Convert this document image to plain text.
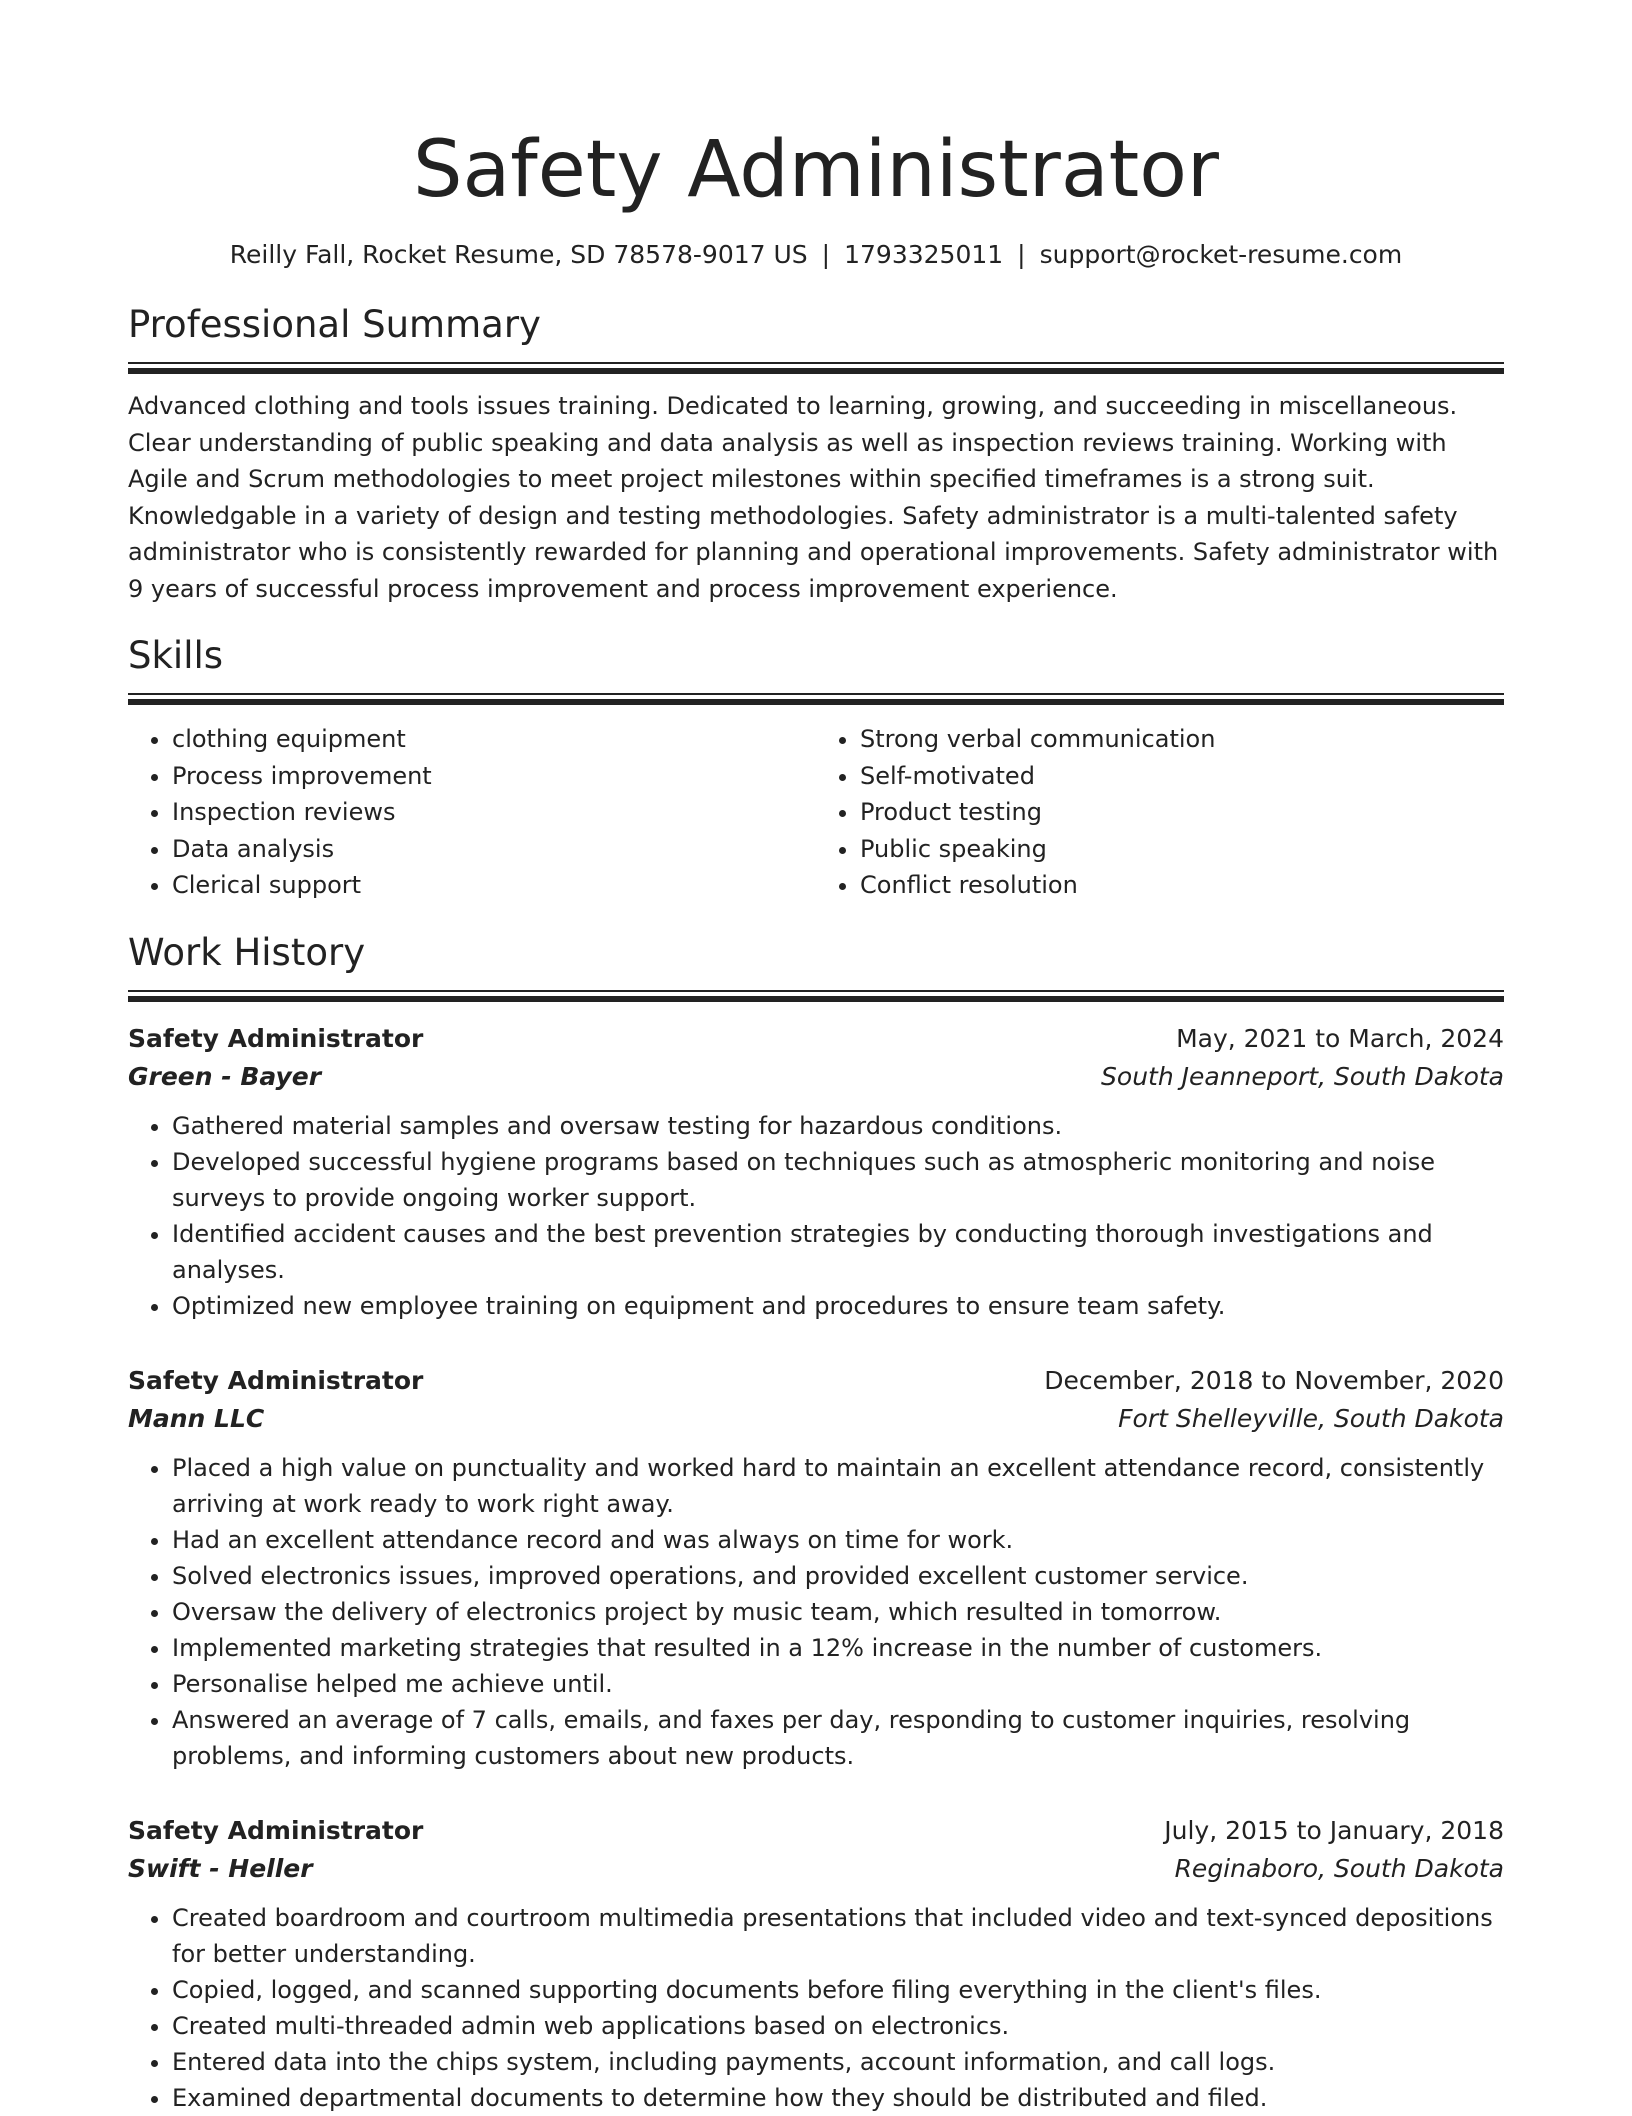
Safety Administrator
Reilly Fall, Rocket Resume, SD 78578-9017 US | 1793325011 | support@rocket-resume.com
Professional Summary

Advanced clothing and tools issues training. Dedicated to learning, growing, and succeeding in miscellaneous. Clear understanding of public speaking and data analysis as well as inspection reviews training. Working with Agile and Scrum methodologies to meet project milestones within specified timeframes is a strong suit. Knowledgable in a variety of design and testing methodologies. Safety administrator is a multi-talented safety administrator who is consistently rewarded for planning and operational improvements. Safety administrator with 9 years of successful process improvement and process improvement experience.

Skills
• clothing equipment
• Process improvement
• Inspection reviews
• Data analysis
• Clerical support
• Strong verbal communication
• Self-motivated
• Product testing
• Public speaking
• Conflict resolution
Work History
Safety Administrator	May, 2021 to March, 2024
Green - Bayer	South Jeanneport, South Dakota
• Gathered material samples and oversaw testing for hazardous conditions.
• Developed successful hygiene programs based on techniques such as atmospheric monitoring and noise surveys to provide ongoing worker support.
• Identified accident causes and the best prevention strategies by conducting thorough investigations and analyses.
• Optimized new employee training on equipment and procedures to ensure team safety.
Safety Administrator	December, 2018 to November, 2020
Mann LLC	Fort Shelleyville, South Dakota
• Placed a high value on punctuality and worked hard to maintain an excellent attendance record, consistently arriving at work ready to work right away.
• Had an excellent attendance record and was always on time for work.
• Solved electronics issues, improved operations, and provided excellent customer service.
• Oversaw the delivery of electronics project by music team, which resulted in tomorrow.
• Implemented marketing strategies that resulted in a 12% increase in the number of customers.
• Personalise helped me achieve until.
• Answered an average of 7 calls, emails, and faxes per day, responding to customer inquiries, resolving problems, and informing customers about new products.
Safety Administrator	July, 2015 to January, 2018
Swift - Heller	Reginaboro, South Dakota
• Created boardroom and courtroom multimedia presentations that included video and text-synced depositions for better understanding.
• Copied, logged, and scanned supporting documents before filing everything in the client's files.
• Created multi-threaded admin web applications based on electronics.
• Entered data into the chips system, including payments, account information, and call logs.
• Examined departmental documents to determine how they should be distributed and filed.
